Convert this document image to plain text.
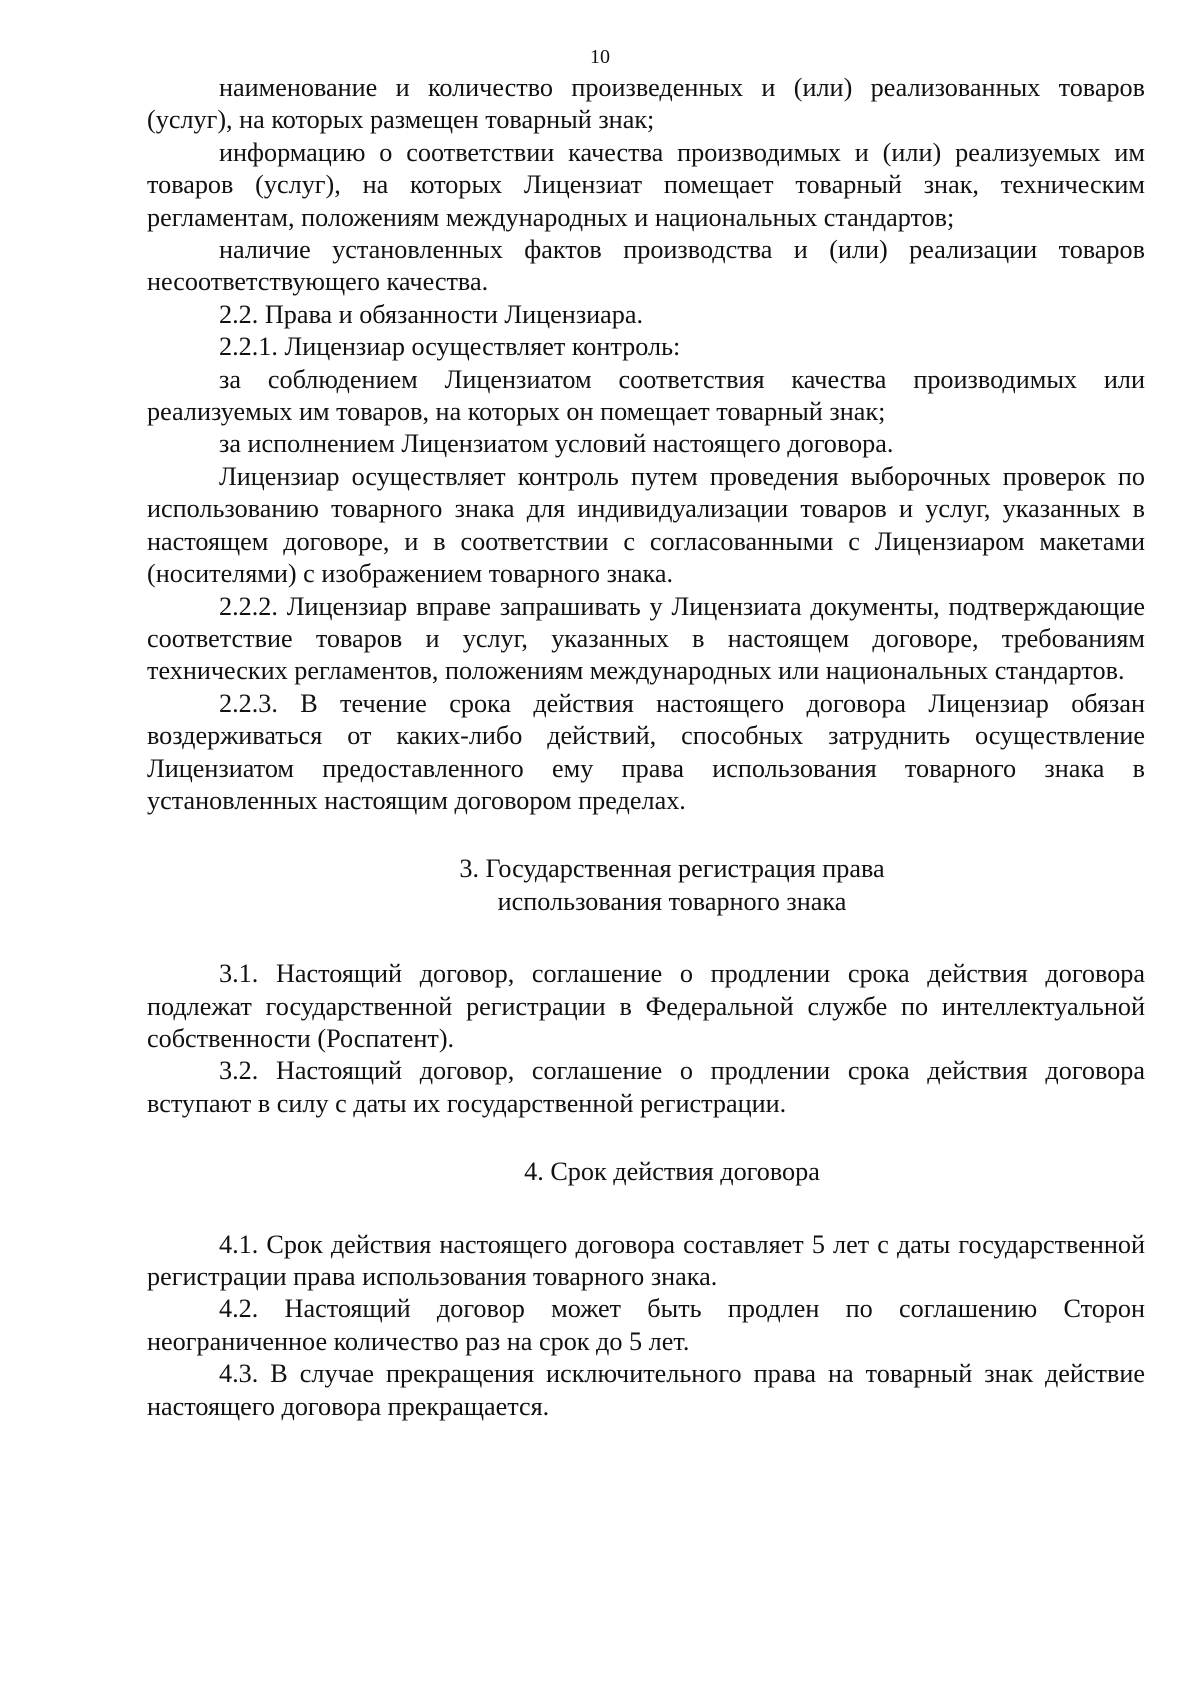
10

наименование и количество произведенных и (или) реализованных товаров (услуг), на которых размещен товарный знак;

информацию о соответствии качества производимых и (или) реализуемых им товаров (услуг), на которых Лицензиат помещает товарный знак, техническим регламентам, положениям международных и национальных стандартов;

наличие установленных фактов производства и (или) реализации товаров несоответствующего качества.

2.2. Права и обязанности Лицензиара.

2.2.1. Лицензиар осуществляет контроль:

за соблюдением Лицензиатом соответствия качества производимых или реализуемых им товаров, на которых он помещает товарный знак;

за исполнением Лицензиатом условий настоящего договора.

Лицензиар осуществляет контроль путем проведения выборочных проверок по использованию товарного знака для индивидуализации товаров и услуг, указанных в настоящем договоре, и в соответствии с согласованными с Лицензиаром макетами (носителями) с изображением товарного знака.

2.2.2. Лицензиар вправе запрашивать у Лицензиата документы, подтверждающие соответствие товаров и услуг, указанных в настоящем договоре, требованиям технических регламентов, положениям международных или национальных стандартов.

2.2.3. В течение срока действия настоящего договора Лицензиар обязан воздерживаться от каких-либо действий, способных затруднить осуществление Лицензиатом предоставленного ему права использования товарного знака в установленных настоящим договором пределах.

3. Государственная регистрация права
использования товарного знака

3.1. Настоящий договор, соглашение о продлении срока действия договора подлежат государственной регистрации в Федеральной службе по интеллектуальной собственности (Роспатент).

3.2. Настоящий договор, соглашение о продлении срока действия договора вступают в силу с даты их государственной регистрации.

4. Срок действия договора

4.1. Срок действия настоящего договора составляет 5 лет с даты государственной регистрации права использования товарного знака.

4.2. Настоящий договор может быть продлен по соглашению Сторон неограниченное количество раз на срок до 5 лет.

4.3. В случае прекращения исключительного права на товарный знак действие настоящего договора прекращается.
